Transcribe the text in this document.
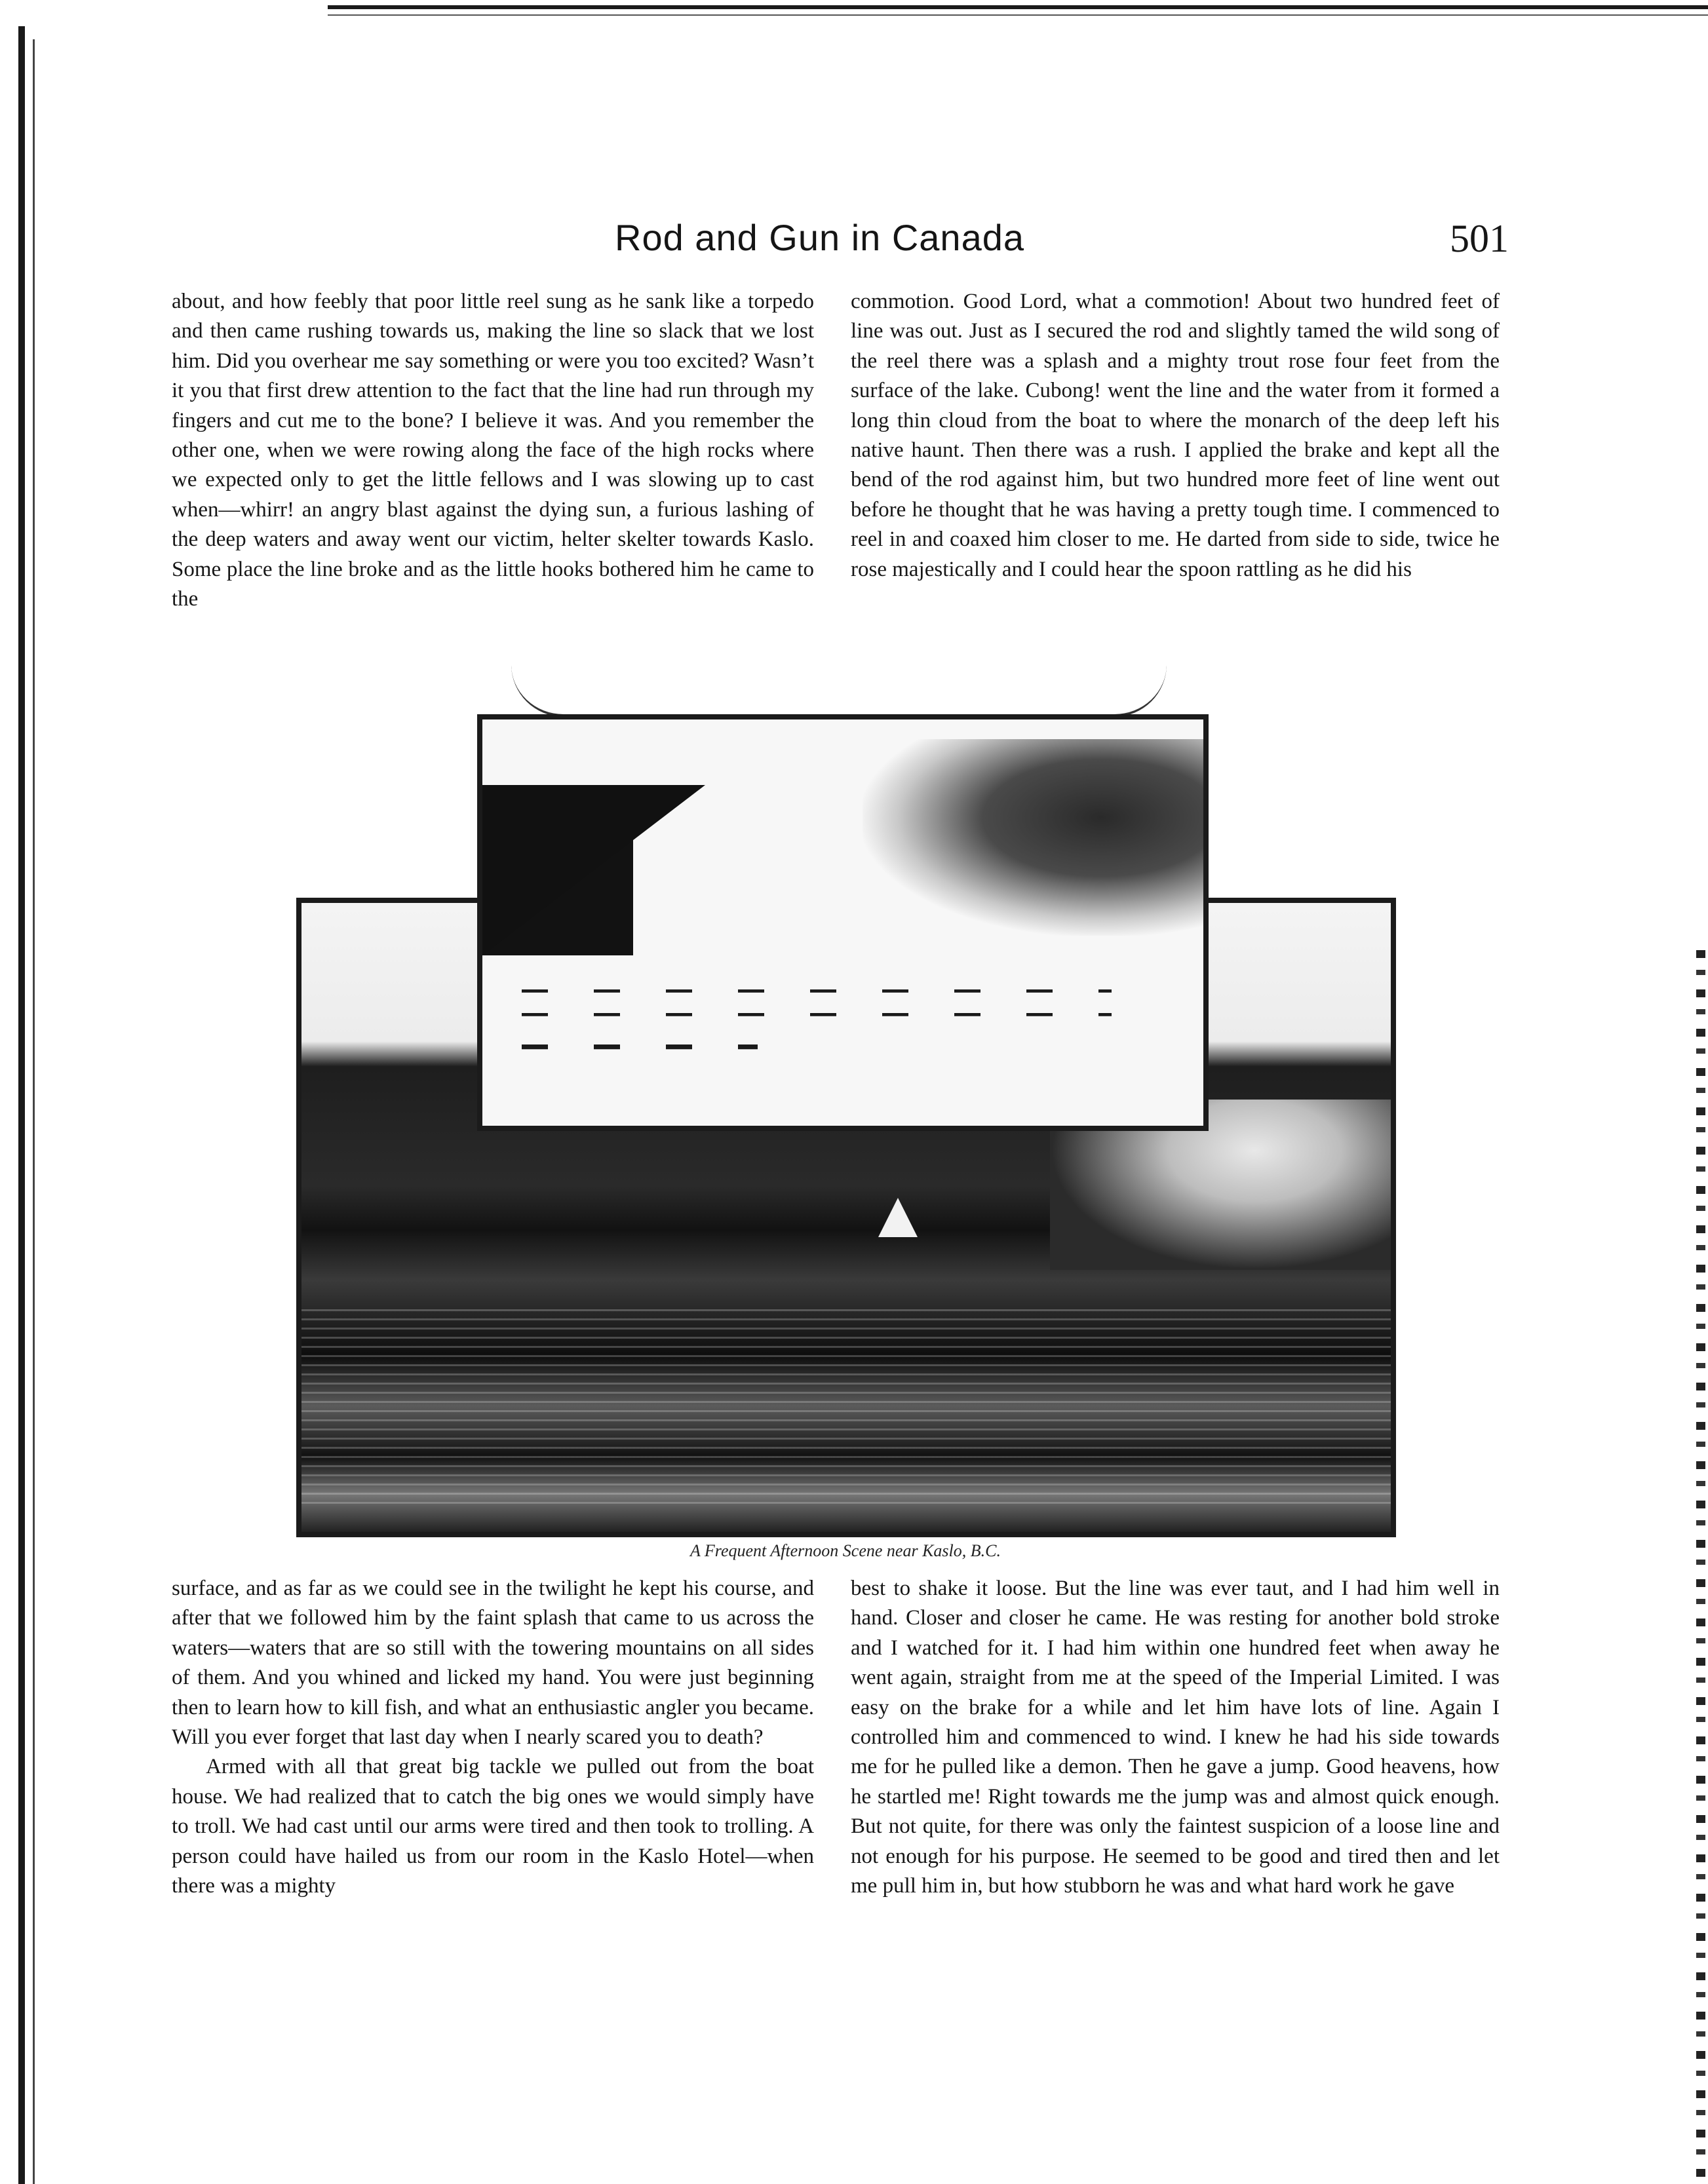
Rod and Gun in Canada	501

about, and how feebly that poor little reel sung as he sank like a torpedo and then came rushing towards us, making the line so slack that we lost him. Did you overhear me say something or were you too excited? Wasn’t it you that first drew attention to the fact that the line had run through my fingers and cut me to the bone? I believe it was. And you remember the other one, when we were rowing along the face of the high rocks where we expected only to get the little fellows and I was slowing up to cast when—whirr! an angry blast against the dying sun, a furious lashing of the deep waters and away went our victim, helter skelter towards Kaslo. Some place the line broke and as the little hooks bothered him he came to the

commotion. Good Lord, what a commotion! About two hundred feet of line was out. Just as I secured the rod and slightly tamed the wild song of the reel there was a splash and a mighty trout rose four feet from the surface of the lake. Cubong! went the line and the water from it formed a long thin cloud from the boat to where the monarch of the deep left his native haunt. Then there was a rush. I applied the brake and kept all the bend of the rod against him, but two hundred more feet of line went out before he thought that he was having a pretty tough time. I commenced to reel in and coaxed him closer to me. He darted from side to side, twice he rose majestically and I could hear the spoon rattling as he did his

A Frequent Afternoon Scene near Kaslo, B.C.

surface, and as far as we could see in the twilight he kept his course, and after that we followed him by the faint splash that came to us across the waters—waters that are so still with the towering mountains on all sides of them. And you whined and licked my hand. You were just beginning then to learn how to kill fish, and what an enthusiastic angler you became. Will you ever forget that last day when I nearly scared you to death?

Armed with all that great big tackle we pulled out from the boat house. We had realized that to catch the big ones we would simply have to troll. We had cast until our arms were tired and then took to trolling. A person could have hailed us from our room in the Kaslo Hotel—when there was a mighty

best to shake it loose. But the line was ever taut, and I had him well in hand. Closer and closer he came. He was resting for another bold stroke and I watched for it. I had him within one hundred feet when away he went again, straight from me at the speed of the Imperial Limited. I was easy on the brake for a while and let him have lots of line. Again I controlled him and commenced to wind. I knew he had his side towards me for he pulled like a demon. Then he gave a jump. Good heavens, how he startled me! Right towards me the jump was and almost quick enough. But not quite, for there was only the faintest suspicion of a loose line and not enough for his purpose. He seemed to be good and tired then and let me pull him in, but how stubborn he was and what hard work he gave
